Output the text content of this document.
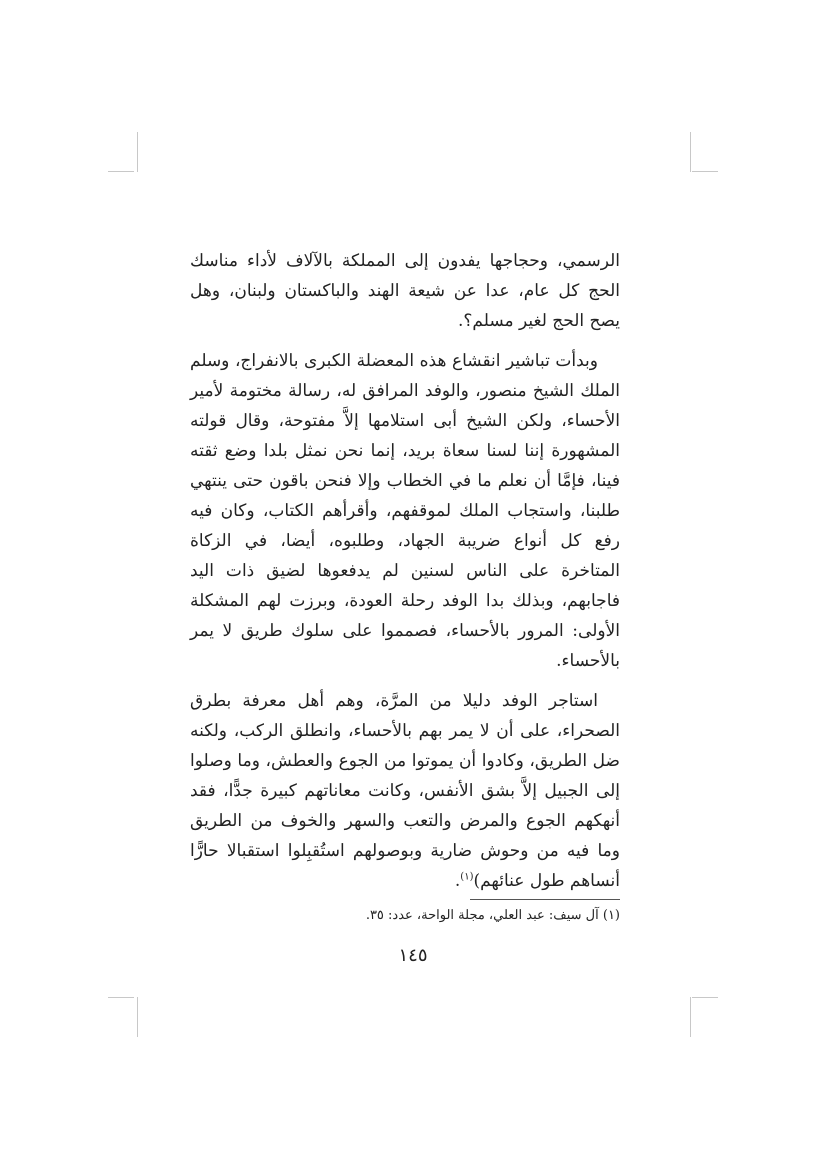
الرسمي، وحجاجها يفدون إلى المملكة بالآلاف لأداء مناسك الحج كل عام، عدا عن شيعة الهند والباكستان ولبنان، وهل يصح الحج لغير مسلم؟.

وبدأت تباشير انقشاع هذه المعضلة الكبرى بالانفراج، وسلم الملك الشيخ منصور، والوفد المرافق له، رسالة مختومة لأمير الأحساء، ولكن الشيخ أبى استلامها إلاَّ مفتوحة، وقال قولته المشهورة إننا لسنا سعاة بريد، إنما نحن نمثل بلدا وضع ثقته فينا، فإمَّا أن نعلم ما في الخطاب وإلا فنحن باقون حتى ينتهي طلبنا، واستجاب الملك لموقفهم، وأقرأهم الكتاب، وكان فيه رفع كل أنواع ضريبة الجهاد، وطلبوه، أيضا، في الزكاة المتاخرة على الناس لسنين لم يدفعوها لضيق ذات اليد فاجابهم، وبذلك بدا الوفد رحلة العودة، وبرزت لهم المشكلة الأولى: المرور بالأحساء، فصمموا على سلوك طريق لا يمر بالأحساء.

استاجر الوفد دليلا من المرَّة، وهم أهل معرفة بطرق الصحراء، على أن لا يمر بهم بالأحساء، وانطلق الركب، ولكنه ضل الطريق، وكادوا أن يموتوا من الجوع والعطش، وما وصلوا إلى الجبيل إلاَّ بشق الأنفس، وكانت معاناتهم كبيرة جدًّا، فقد أنهكهم الجوع والمرض والتعب والسهر والخوف من الطريق وما فيه من وحوش ضارية وبوصولهم استُقبِلوا استقبالا حارًّا أنساهم طول عنائهم)$^{(١)}$.

(١) آل سيف: عبد العلي، مجلة الواحة، عدد: ٣٥.
١٤٥
